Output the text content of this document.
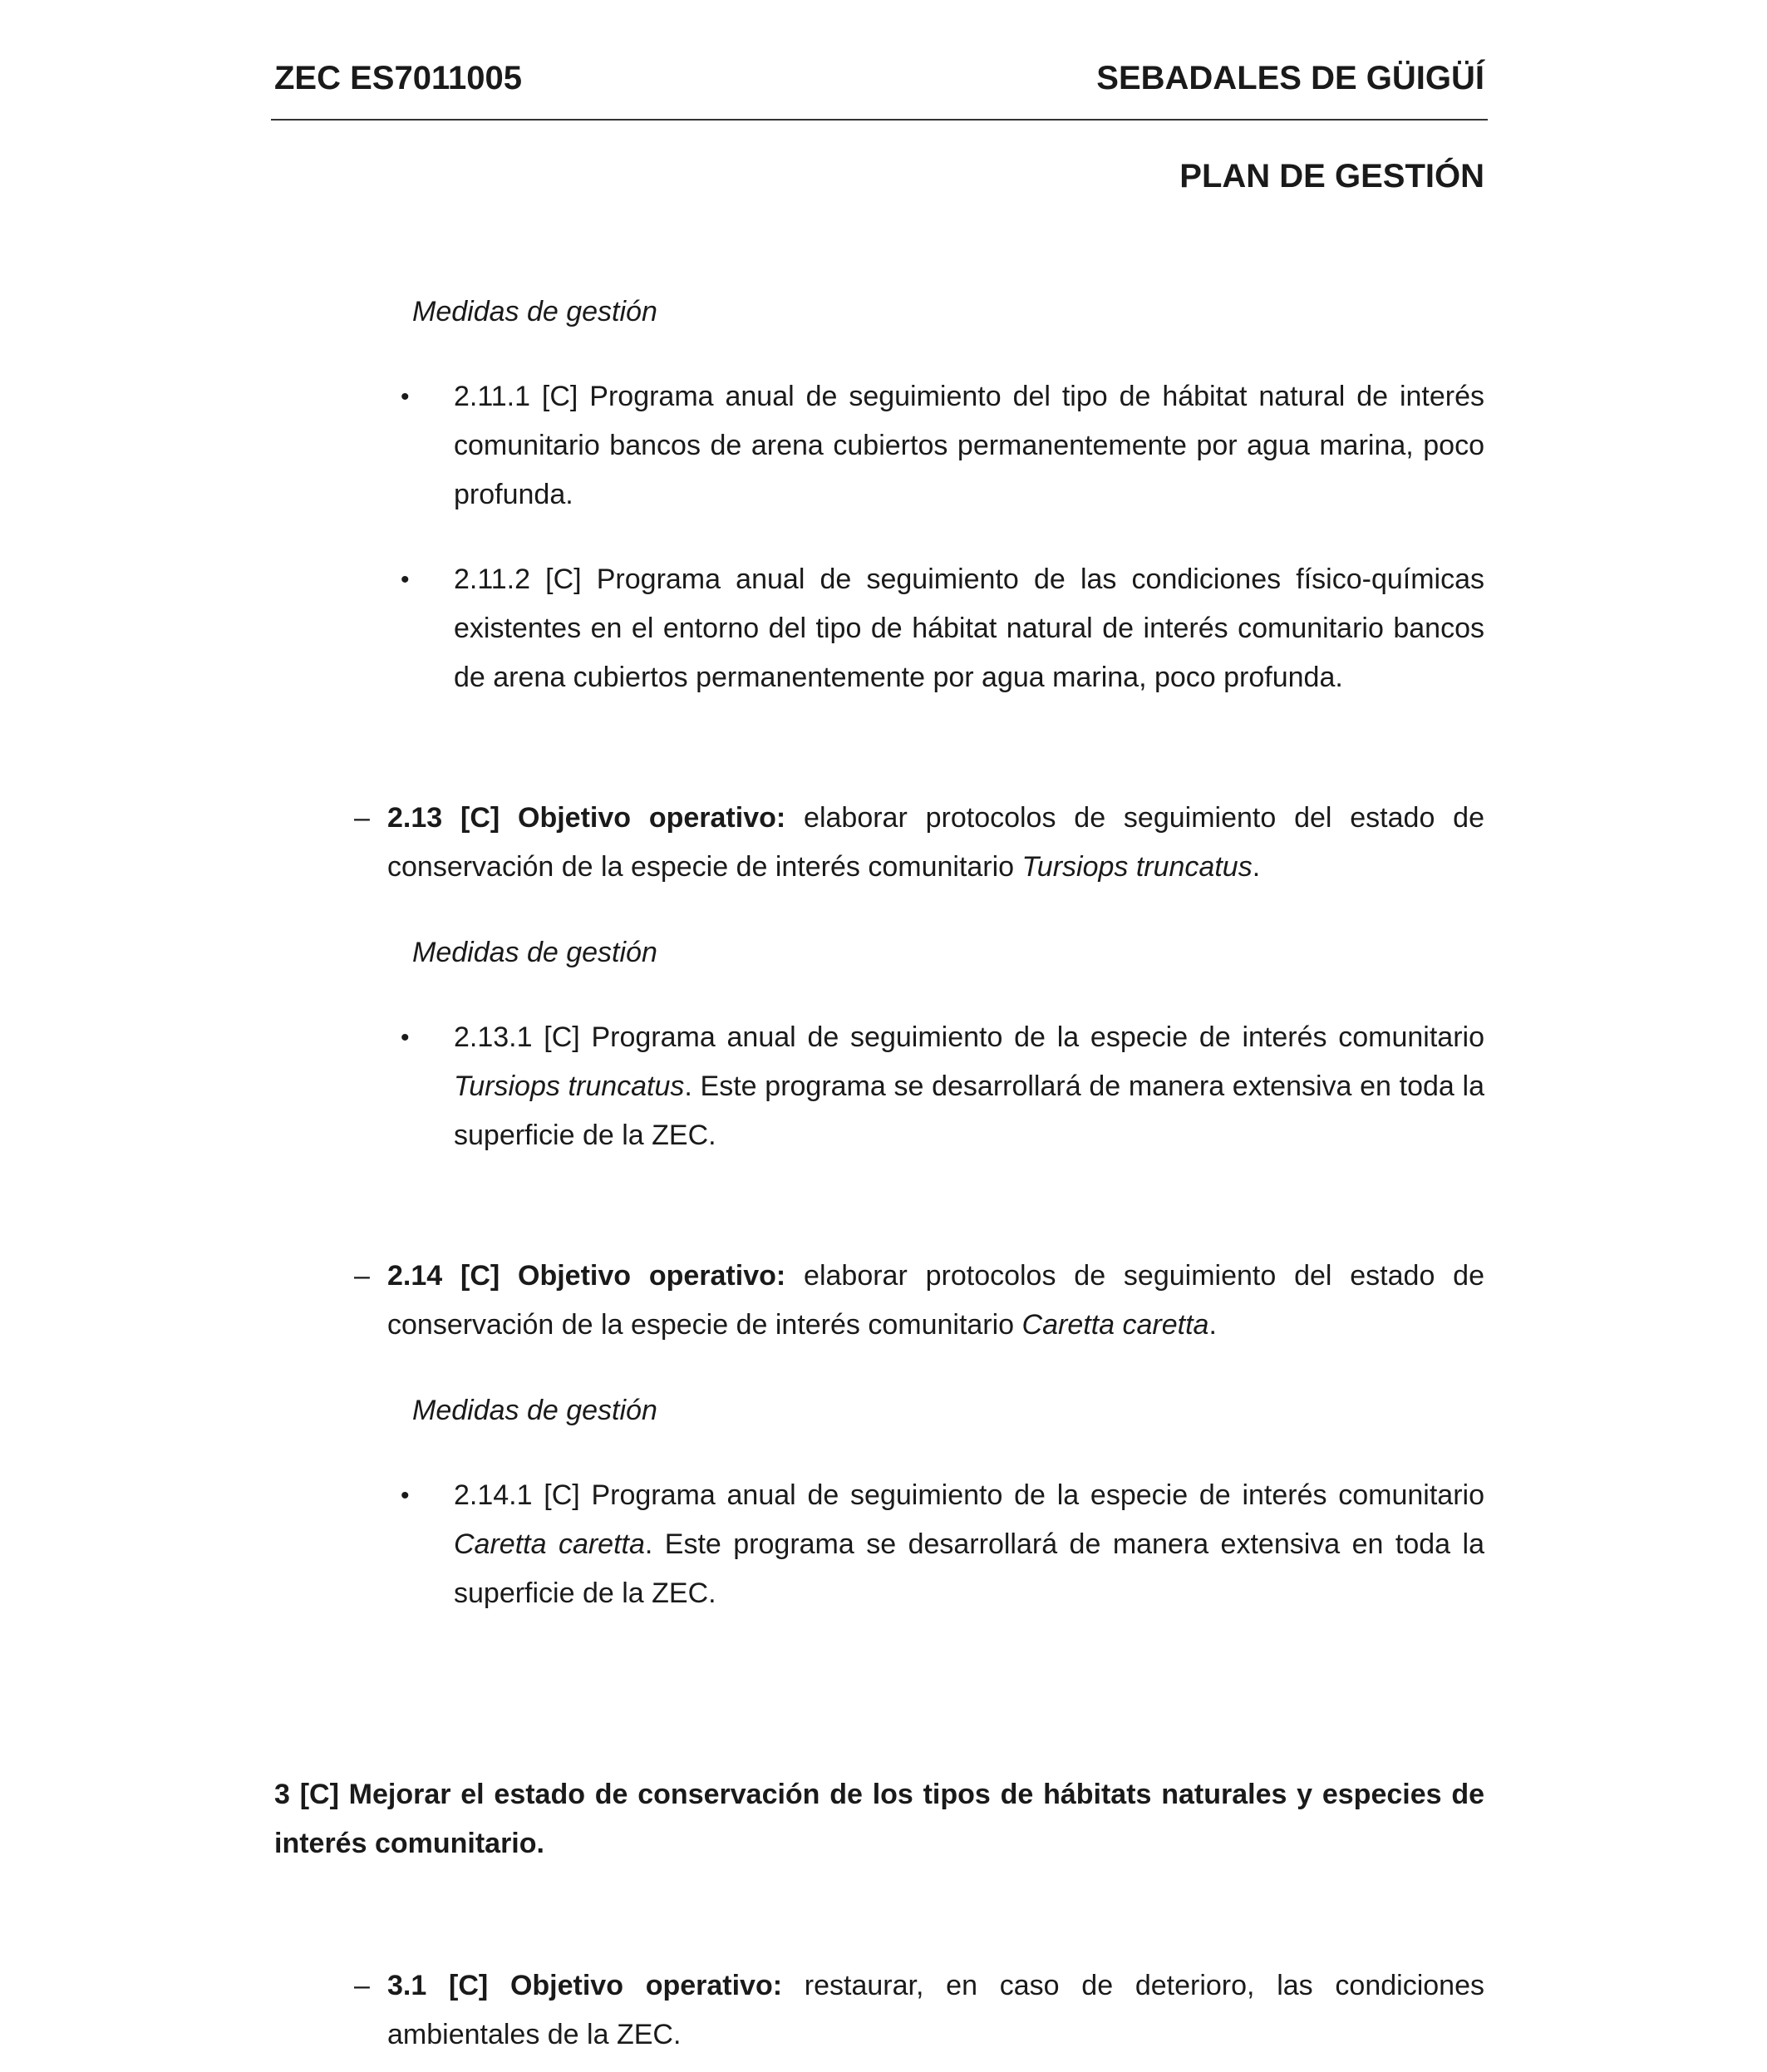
ZEC ES7011005	SEBADALES DE GÜIGÜÍ
PLAN DE GESTIÓN
Medidas de gestión
• 2.11.1 [C] Programa anual de seguimiento del tipo de hábitat natural de interés comunitario bancos de arena cubiertos permanentemente por agua marina, poco profunda.
• 2.11.2 [C] Programa anual de seguimiento de las condiciones físico-químicas existentes en el entorno del tipo de hábitat natural de interés comunitario bancos de arena cubiertos permanentemente por agua marina, poco profunda.
– 2.13 [C] Objetivo operativo: elaborar protocolos de seguimiento del estado de conservación de la especie de interés comunitario Tursiops truncatus.
Medidas de gestión
• 2.13.1 [C] Programa anual de seguimiento de la especie de interés comunitario Tursiops truncatus. Este programa se desarrollará de manera extensiva en toda la superficie de la ZEC.
– 2.14 [C] Objetivo operativo: elaborar protocolos de seguimiento del estado de conservación de la especie de interés comunitario Caretta caretta.
Medidas de gestión
• 2.14.1 [C] Programa anual de seguimiento de la especie de interés comunitario Caretta caretta. Este programa se desarrollará de manera extensiva en toda la superficie de la ZEC.
3 [C] Mejorar el estado de conservación de los tipos de hábitats naturales y especies de interés comunitario.
– 3.1 [C] Objetivo operativo: restaurar, en caso de deterioro, las condiciones ambientales de la ZEC.
